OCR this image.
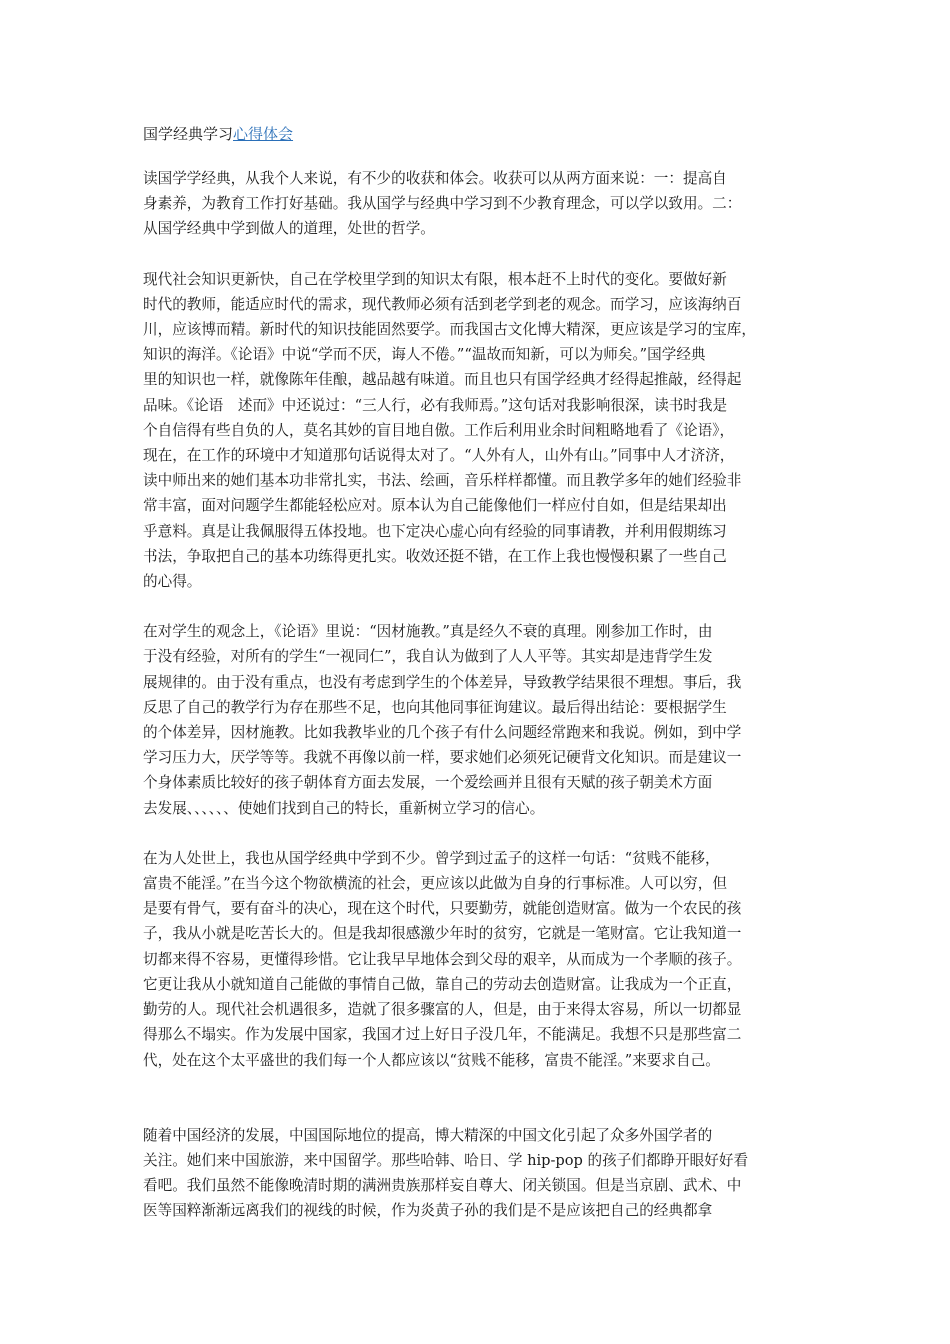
国学经典学习心得体会
读国学学经典，从我个人来说，有不少的收获和体会。收获可以从两方面来说：一：提高自
身素养，为教育工作打好基础。我从国学与经典中学习到不少教育理念，可以学以致用。二：
从国学经典中学到做人的道理，处世的哲学。
现代社会知识更新快，自己在学校里学到的知识太有限，根本赶不上时代的变化。要做好新
时代的教师，能适应时代的需求，现代教师必须有活到老学到老的观念。而学习，应该海纳百
川，应该博而精。新时代的知识技能固然要学。而我国古文化博大精深，更应该是学习的宝库，
知识的海洋。《论语》中说“学而不厌，诲人不倦。”“温故而知新，可以为师矣。”国学经典
里的知识也一样，就像陈年佳酿，越品越有味道。而且也只有国学经典才经得起推敲，经得起
品味。《论语　述而》中还说过：“三人行，必有我师焉。”这句话对我影响很深，读书时我是
个自信得有些自负的人，莫名其妙的盲目地自傲。工作后利用业余时间粗略地看了《论语》，
现在，在工作的环境中才知道那句话说得太对了。“人外有人，山外有山。”同事中人才济济，
读中师出来的她们基本功非常扎实，书法、绘画，音乐样样都懂。而且教学多年的她们经验非
常丰富，面对问题学生都能轻松应对。原本认为自己能像他们一样应付自如，但是结果却出
乎意料。真是让我佩服得五体投地。也下定决心虚心向有经验的同事请教，并利用假期练习
书法，争取把自己的基本功练得更扎实。收效还挺不错，在工作上我也慢慢积累了一些自己
的心得。
在对学生的观念上，《论语》里说：“因材施教。”真是经久不衰的真理。刚参加工作时，由
于没有经验，对所有的学生“一视同仁”，我自认为做到了人人平等。其实却是违背学生发
展规律的。由于没有重点，也没有考虑到学生的个体差异，导致教学结果很不理想。事后，我
反思了自己的教学行为存在那些不足，也向其他同事征询建议。最后得出结论：要根据学生
的个体差异，因材施教。比如我教毕业的几个孩子有什么问题经常跑来和我说。例如，到中学
学习压力大，厌学等等。我就不再像以前一样，要求她们必须死记硬背文化知识。而是建议一
个身体素质比较好的孩子朝体育方面去发展，一个爱绘画并且很有天赋的孩子朝美术方面
去发展、、、、、、使她们找到自己的特长，重新树立学习的信心。
在为人处世上，我也从国学经典中学到不少。曾学到过孟子的这样一句话：“贫贱不能移，
富贵不能淫。”在当今这个物欲横流的社会，更应该以此做为自身的行事标准。人可以穷，但
是要有骨气，要有奋斗的决心，现在这个时代，只要勤劳，就能创造财富。做为一个农民的孩
子，我从小就是吃苦长大的。但是我却很感激少年时的贫穷，它就是一笔财富。它让我知道一
切都来得不容易，更懂得珍惜。它让我早早地体会到父母的艰辛，从而成为一个孝顺的孩子。
它更让我从小就知道自己能做的事情自己做，靠自己的劳动去创造财富。让我成为一个正直，
勤劳的人。现代社会机遇很多，造就了很多骤富的人，但是，由于来得太容易，所以一切都显
得那么不塌实。作为发展中国家，我国才过上好日子没几年，不能满足。我想不只是那些富二
代，处在这个太平盛世的我们每一个人都应该以“贫贱不能移，富贵不能淫。”来要求自己。
随着中国经济的发展，中国国际地位的提高，博大精深的中国文化引起了众多外国学者的
关注。她们来中国旅游，来中国留学。那些哈韩、哈日、学 hip-pop 的孩子们都睁开眼好好看
看吧。我们虽然不能像晚清时期的满洲贵族那样妄自尊大、闭关锁国。但是当京剧、武术、中
医等国粹渐渐远离我们的视线的时候，作为炎黄子孙的我们是不是应该把自己的经典都拿
